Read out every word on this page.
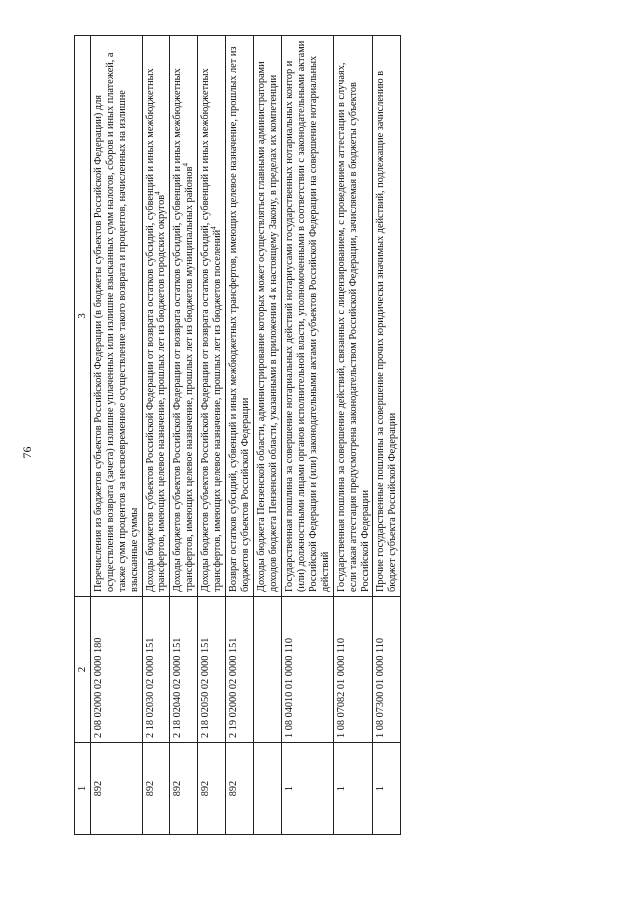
76
1	2	3
892	2 08 02000 02 0000 180	Перечисления из бюджетов субъектов Российской Федерации (в бюджеты субъектов Российской Федерации) для осуществления возврата (зачета) излишне уплаченных или излишне взысканных сумм налогов, сборов и иных платежей, а также сумм процентов за несвоевременное осуществление такого возврата и процентов, начисленных на излишне взысканные суммы
892	2 18 02030 02 0000 151	Доходы бюджетов субъектов Российской Федерации от возврата остатков субсидий, субвенций и иных межбюджетных трансфертов, имеющих целевое назначение, прошлых лет из бюджетов городских округов$^4$
892	2 18 02040 02 0000 151	Доходы бюджетов субъектов Российской Федерации от возврата остатков субсидий, субвенций и иных межбюджетных трансфертов, имеющих целевое назначение, прошлых лет из бюджетов муниципальных районов$^4$
892	2 18 02050 02 0000 151	Доходы бюджетов субъектов Российской Федерации от возврата остатков субсидий, субвенций и иных межбюджетных трансфертов, имеющих целевое назначение, прошлых лет из бюджетов поселений$^4$
892	2 19 02000 02 0000 151	Возврат остатков субсидий, субвенций и иных межбюджетных трансфертов, имеющих целевое назначение, прошлых лет из бюджетов субъектов Российской Федерации
		Доходы бюджета Пензенской области, администрирование которых может осуществляться главными администраторами доходов бюджета Пензенской области, указанными в приложении 4 к настоящему Закону, в пределах их компетенции
1	1 08 04010 01 0000 110	Государственная пошлина за совершение нотариальных действий нотариусами государственных нотариальных контор и (или) должностными лицами органов исполнительной власти, уполномоченными в соответствии с законодательными актами Российской Федерации и (или) законодательными актами субъектов Российской Федерации на совершение нотариальных действий
1	1 08 07082 01 0000 110	Государственная пошлина за совершение действий, связанных с лицензированием, с проведением аттестации в случаях, если такая аттестация предусмотрена законодательством Российской Федерации, зачисляемая в бюджеты субъектов Российской Федерации
1	1 08 07300 01 0000 110	Прочие государственные пошлины за совершение прочих юридически значимых действий, подлежащие зачислению в бюджет субъекта Российской Федерации
